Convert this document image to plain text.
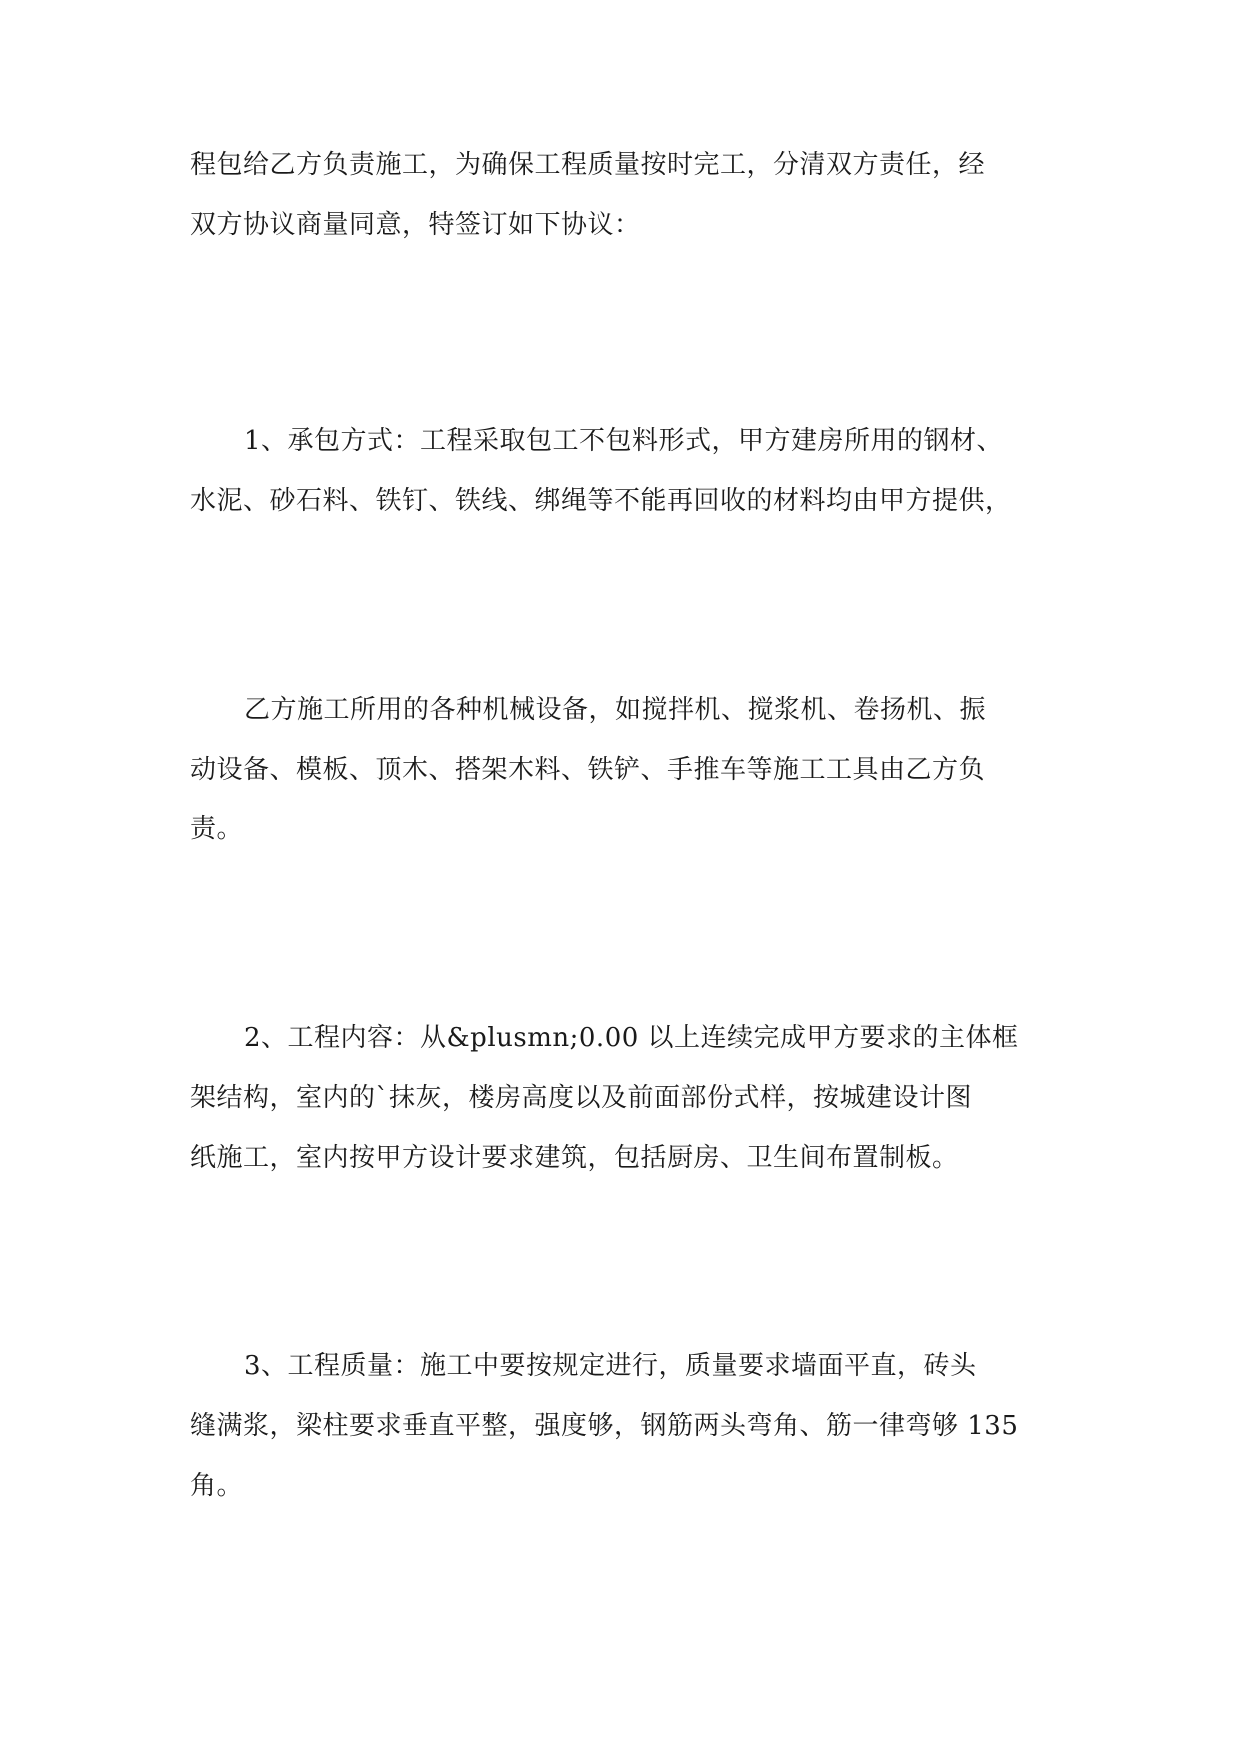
程包给乙方负责施工，为确保工程质量按时完工，分清双方责任，经

双方协议商量同意，特签订如下协议：

1、承包方式：工程采取包工不包料形式，甲方建房所用的钢材、

水泥、砂石料、铁钉、铁线、绑绳等不能再回收的材料均由甲方提供，

乙方施工所用的各种机械设备，如搅拌机、搅浆机、卷扬机、振

动设备、模板、顶木、搭架木料、铁铲、手推车等施工工具由乙方负

责。

2、工程内容：从&plusmn;0.00 以上连续完成甲方要求的主体框

架结构，室内的`抹灰，楼房高度以及前面部份式样，按城建设计图

纸施工，室内按甲方设计要求建筑，包括厨房、卫生间布置制板。

3、工程质量：施工中要按规定进行，质量要求墙面平直，砖头

缝满浆，梁柱要求垂直平整，强度够，钢筋两头弯角、筋一律弯够 135

角。
